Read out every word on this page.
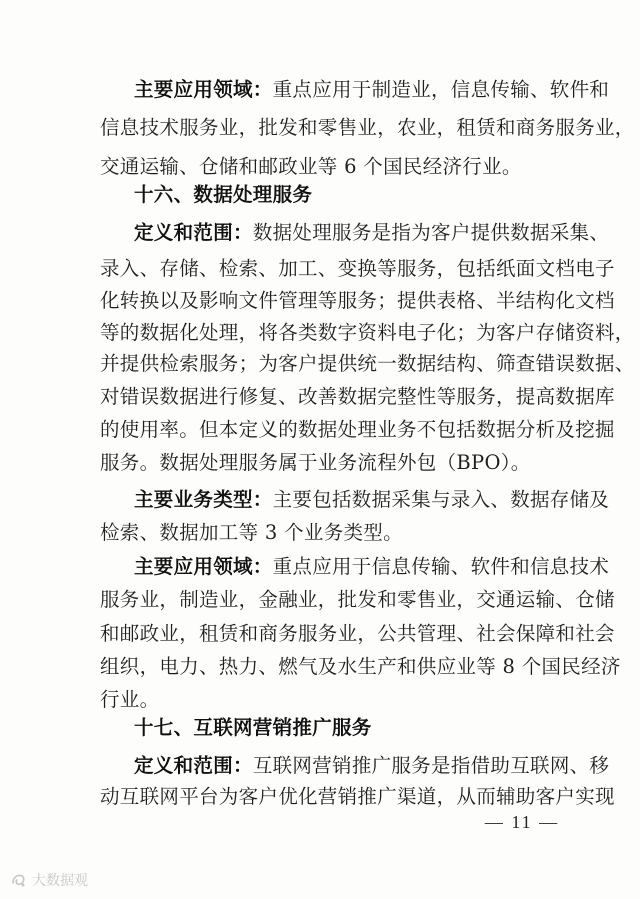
主要应用领域：重点应用于制造业，信息传输、软件和
信息技术服务业，批发和零售业，农业，租赁和商务服务业，
交通运输、仓储和邮政业等 6 个国民经济行业。
十六、数据处理服务
定义和范围：数据处理服务是指为客户提供数据采集、
录入、存储、检索、加工、变换等服务，包括纸面文档电子
化转换以及影响文件管理等服务；提供表格、半结构化文档
等的数据化处理，将各类数字资料电子化；为客户存储资料，
并提供检索服务；为客户提供统一数据结构、筛查错误数据、
对错误数据进行修复、改善数据完整性等服务，提高数据库
的使用率。但本定义的数据处理业务不包括数据分析及挖掘
服务。数据处理服务属于业务流程外包（BPO）。
主要业务类型：主要包括数据采集与录入、数据存储及
检索、数据加工等 3 个业务类型。
主要应用领域：重点应用于信息传输、软件和信息技术
服务业，制造业，金融业，批发和零售业，交通运输、仓储
和邮政业，租赁和商务服务业，公共管理、社会保障和社会
组织，电力、热力、燃气及水生产和供应业等 8 个国民经济
行业。
十七、互联网营销推广服务
定义和范围：互联网营销推广服务是指借助互联网、移
动互联网平台为客户优化营销推广渠道，从而辅助客户实现
— 11 —
大数据观
